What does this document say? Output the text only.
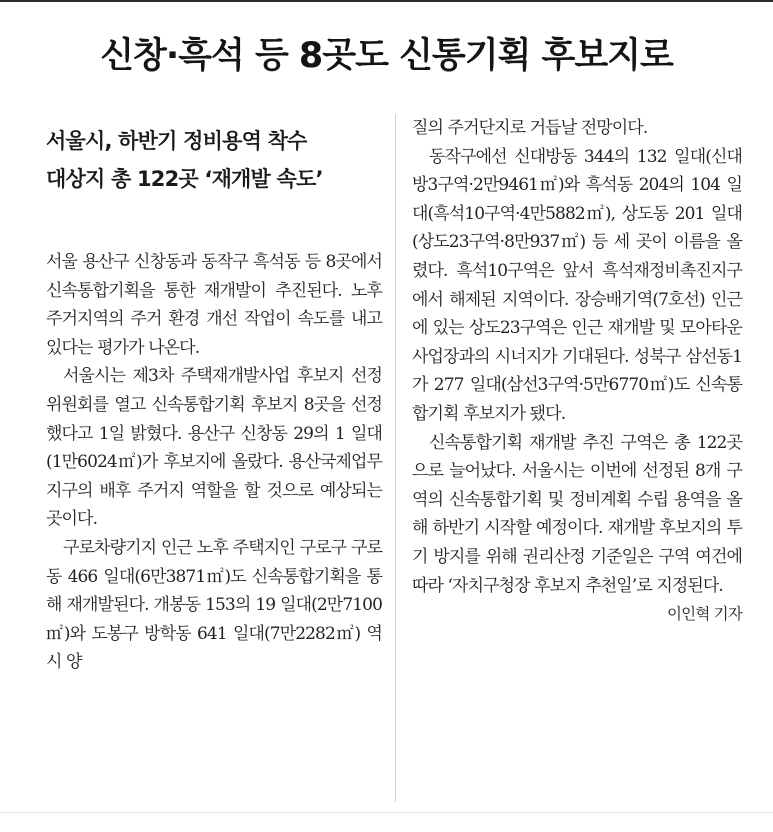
신창·흑석 등 8곳도 신통기획 후보지로
서울시, 하반기 정비용역 착수
대상지 총 122곳 ‘재개발 속도’

서울 용산구 신창동과 동작구 흑석동 등 8곳에서 신속통합기획을 통한 재개발이 추진된다. 노후 주거지역의 주거 환경 개선 작업이 속도를 내고 있다는 평가가 나온다.

서울시는 제3차 주택재개발사업 후보지 선정위원회를 열고 신속통합기획 후보지 8곳을 선정했다고 1일 밝혔다. 용산구 신창동 29의 1 일대(1만6024㎡)가 후보지에 올랐다. 용산국제업무지구의 배후 주거지 역할을 할 것으로 예상되는 곳이다.

구로차량기지 인근 노후 주택지인 구로구 구로동 466 일대(6만3871㎡)도 신속통합기획을 통해 재개발된다. 개봉동 153의 19 일대(2만7100㎡)와 도봉구 방학동 641 일대(7만2282㎡) 역시 양

질의 주거단지로 거듭날 전망이다.

동작구에선 신대방동 344의 132 일대(신대방3구역·2만9461㎡)와 흑석동 204의 104 일대(흑석10구역·4만5882㎡), 상도동 201 일대(상도23구역·8만937㎡) 등 세 곳이 이름을 올렸다. 흑석10구역은 앞서 흑석재정비촉진지구에서 해제된 지역이다. 장승배기역(7호선) 인근에 있는 상도23구역은 인근 재개발 및 모아타운 사업장과의 시너지가 기대된다. 성북구 삼선동1가 277 일대(삼선3구역·5만6770㎡)도 신속통합기획 후보지가 됐다.

신속통합기획 재개발 추진 구역은 총 122곳으로 늘어났다. 서울시는 이번에 선정된 8개 구역의 신속통합기획 및 정비계획 수립 용역을 올해 하반기 시작할 예정이다. 재개발 후보지의 투기 방지를 위해 권리산정 기준일은 구역 여건에 따라 ‘자치구청장 후보지 추천일’로 지정된다.
이인혁 기자
